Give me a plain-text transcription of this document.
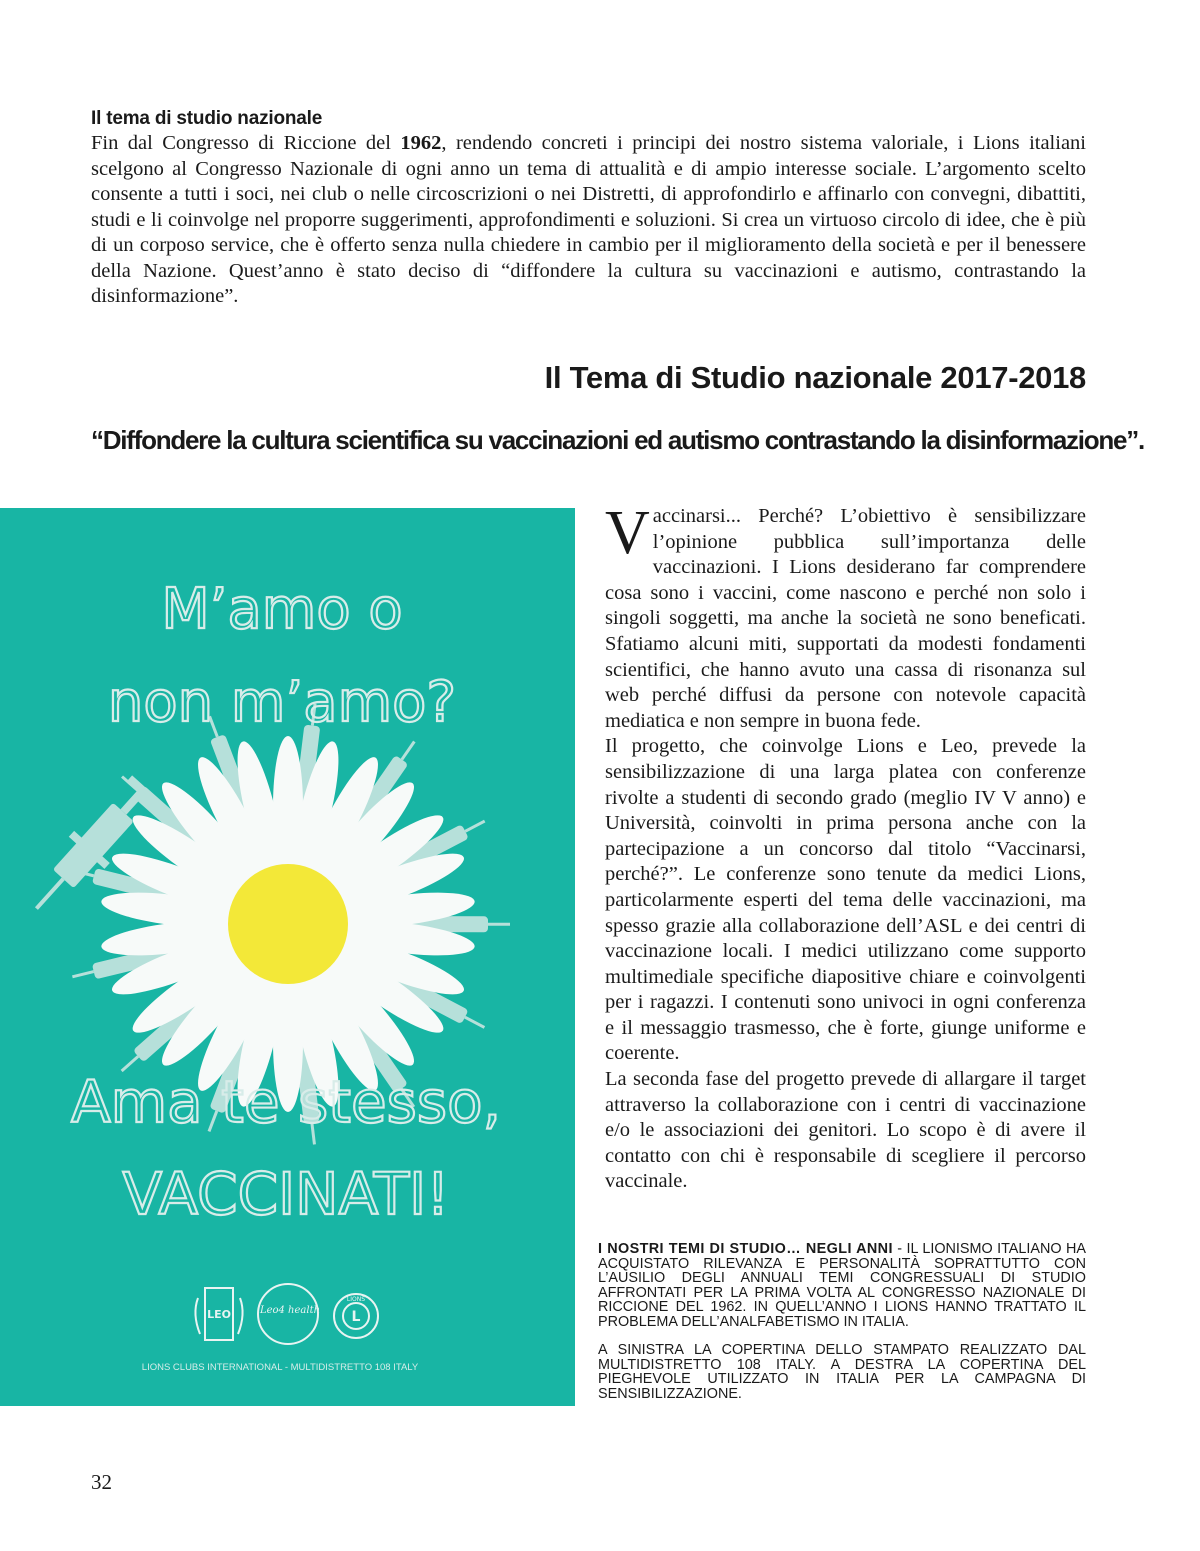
Il tema di studio nazionale

Fin dal Congresso di Riccione del 1962, rendendo concreti i principi dei nostro sistema valoriale, i Lions italiani scelgono al Congresso Nazionale di ogni anno un tema di attualità e di ampio interesse sociale. L’argomento scelto consente a tutti i soci, nei club o nelle circoscrizioni o nei Distretti, di approfondirlo e affinarlo con convegni, dibattiti, studi e li coinvolge nel proporre suggerimenti, approfondimenti e soluzioni. Si crea un virtuoso circolo di idee, che è più di un corposo service, che è offerto senza nulla chiedere in cambio per il miglioramento della società e per il benessere della Nazione. Quest’anno è stato deciso di “diffondere la cultura su vaccinazioni e autismo, contrastando la disinformazione”.

Il Tema di Studio nazionale 2017-2018
“Diffondere la cultura scientifica su vaccinazioni ed autismo contrastando la disinformazione”.
M’amo o
non m’amo?
Ama te stesso,
VACCINATI!
LEO	Leo4 health L
LIONS
LIONS CLUBS INTERNATIONAL - MULTIDISTRETTO 108 ITALY

Vaccinarsi... Perché? L’obiettivo è sensibilizzare l’opinione pubblica sull’importanza delle vaccinazioni. I Lions desiderano far comprendere cosa sono i vaccini, come nascono e perché non solo i singoli soggetti, ma anche la società ne sono beneficati. Sfatiamo alcuni miti, supportati da modesti fondamenti scientifici, che hanno avuto una cassa di risonanza sul web perché diffusi da persone con notevole capacità mediatica e non sempre in buona fede.

Il progetto, che coinvolge Lions e Leo, prevede la sensibilizzazione di una larga platea con conferenze rivolte a studenti di secondo grado (meglio IV V anno) e Università, coinvolti in prima persona anche con la partecipazione a un concorso dal titolo “Vaccinarsi, perché?”. Le conferenze sono tenute da medici Lions, particolarmente esperti del tema delle vaccinazioni, ma spesso grazie alla collaborazione dell’ASL e dei centri di vaccinazione locali. I medici utilizzano come supporto multimediale specifiche diapositive chiare e coinvolgenti per i ragazzi. I contenuti sono univoci in ogni conferenza e il messaggio trasmesso, che è forte, giunge uniforme e coerente.

La seconda fase del progetto prevede di allargare il target attraverso la collaborazione con i centri di vaccinazione e/o le associazioni dei genitori. Lo scopo è di avere il contatto con chi è responsabile di scegliere il percorso vaccinale.

I NOSTRI TEMI DI STUDIO… NEGLI ANNI - IL LIONISMO ITALIANO HA ACQUISTATO RILEVANZA E PERSONALITÀ SOPRATTUTTO CON L’AUSILIO DEGLI ANNUALI TEMI CONGRESSUALI DI STUDIO AFFRONTATI PER LA PRIMA VOLTA AL CONGRESSO NAZIONALE DI RICCIONE DEL 1962. IN QUELL’ANNO I LIONS HANNO TRATTATO IL PROBLEMA DELL’ANALFABETISMO IN ITALIA.

A SINISTRA LA COPERTINA DELLO STAMPATO REALIZZATO DAL MULTIDISTRETTO 108 ITALY. A DESTRA LA COPERTINA DEL PIEGHEVOLE UTILIZZATO IN ITALIA PER LA CAMPAGNA DI SENSIBILIZZAZIONE.

32
